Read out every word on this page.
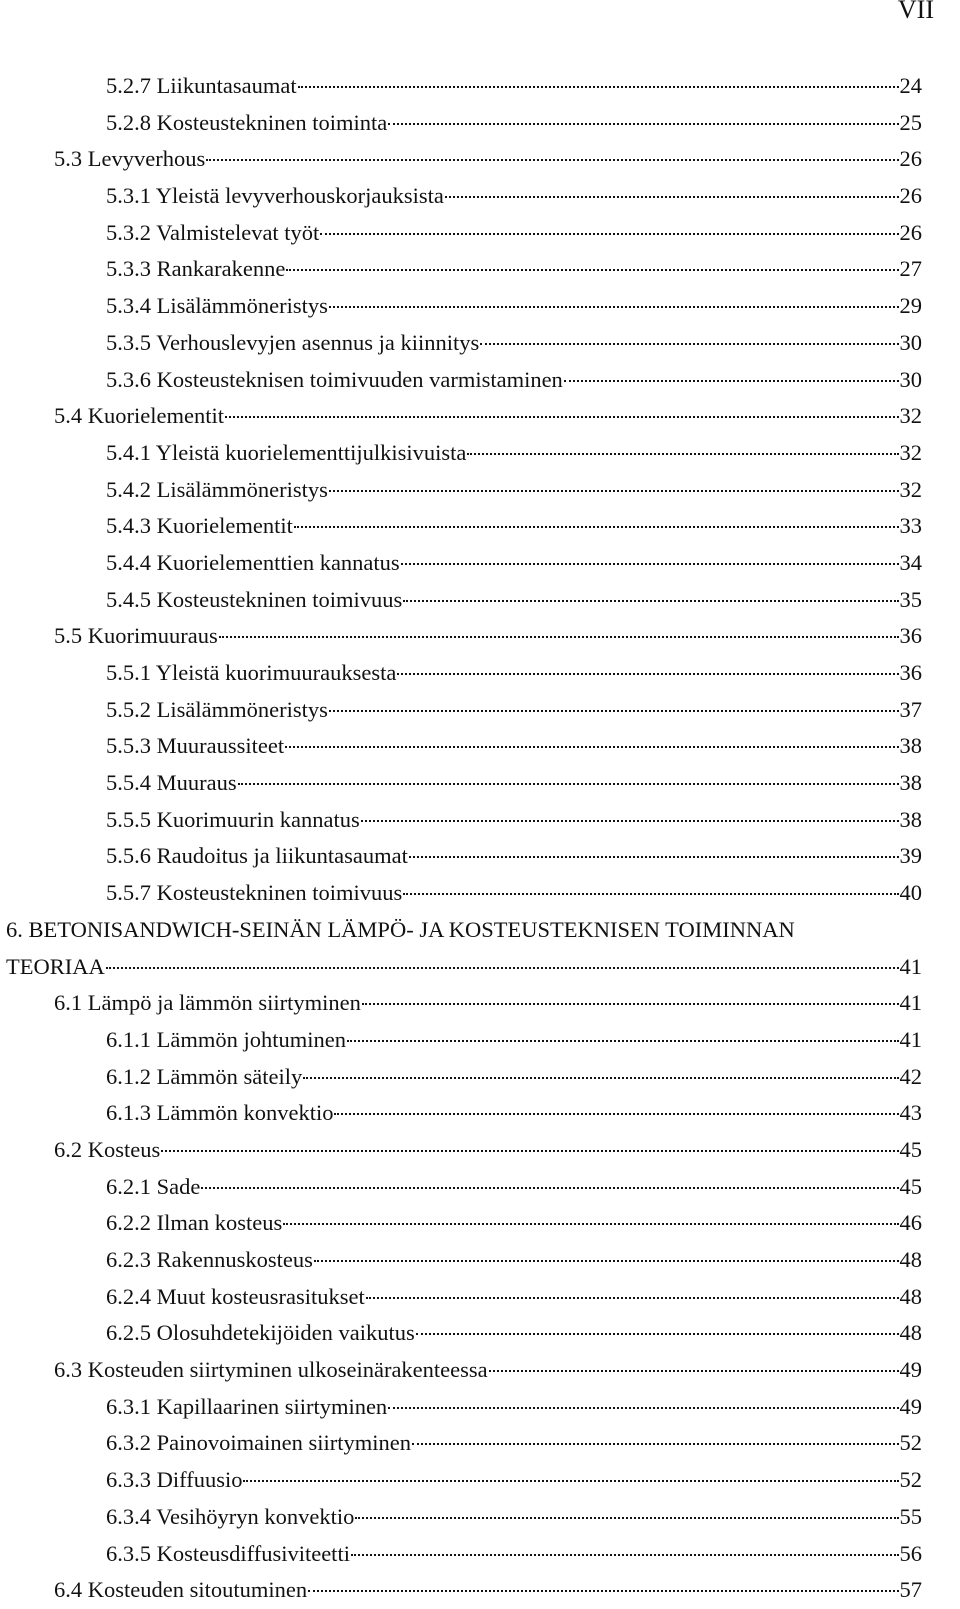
VII
5.2.7 Liikuntasaumat	24
5.2.8 Kosteustekninen toiminta	25
5.3 Levyverhous	26
5.3.1 Yleistä levyverhouskorjauksista	26
5.3.2 Valmistelevat työt	26
5.3.3 Rankarakenne	27
5.3.4 Lisälämmöneristys	29
5.3.5 Verhouslevyjen asennus ja kiinnitys	30
5.3.6 Kosteusteknisen toimivuuden varmistaminen	30
5.4 Kuorielementit	32
5.4.1 Yleistä kuorielementtijulkisivuista	32
5.4.2 Lisälämmöneristys	32
5.4.3 Kuorielementit	33
5.4.4 Kuorielementtien kannatus	34
5.4.5 Kosteustekninen toimivuus	35
5.5 Kuorimuuraus	36
5.5.1 Yleistä kuorimuurauksesta	36
5.5.2 Lisälämmöneristys	37
5.5.3 Muuraussiteet	38
5.5.4 Muuraus	38
5.5.5 Kuorimuurin kannatus	38
5.5.6 Raudoitus ja liikuntasaumat	39
5.5.7 Kosteustekninen toimivuus	40
6. BETONISANDWICH-SEINÄN LÄMPÖ- JA KOSTEUSTEKNISEN TOIMINNAN
TEORIAA	41
6.1 Lämpö ja lämmön siirtyminen	41
6.1.1 Lämmön johtuminen	41
6.1.2 Lämmön säteily	42
6.1.3 Lämmön konvektio	43
6.2 Kosteus	45
6.2.1 Sade	45
6.2.2 Ilman kosteus	46
6.2.3 Rakennuskosteus	48
6.2.4 Muut kosteusrasitukset	48
6.2.5 Olosuhdetekijöiden vaikutus	48
6.3 Kosteuden siirtyminen ulkoseinärakenteessa	49
6.3.1 Kapillaarinen siirtyminen	49
6.3.2 Painovoimainen siirtyminen	52
6.3.3 Diffuusio	52
6.3.4 Vesihöyryn konvektio	55
6.3.5 Kosteusdiffusiviteetti	56
6.4 Kosteuden sitoutuminen	57
